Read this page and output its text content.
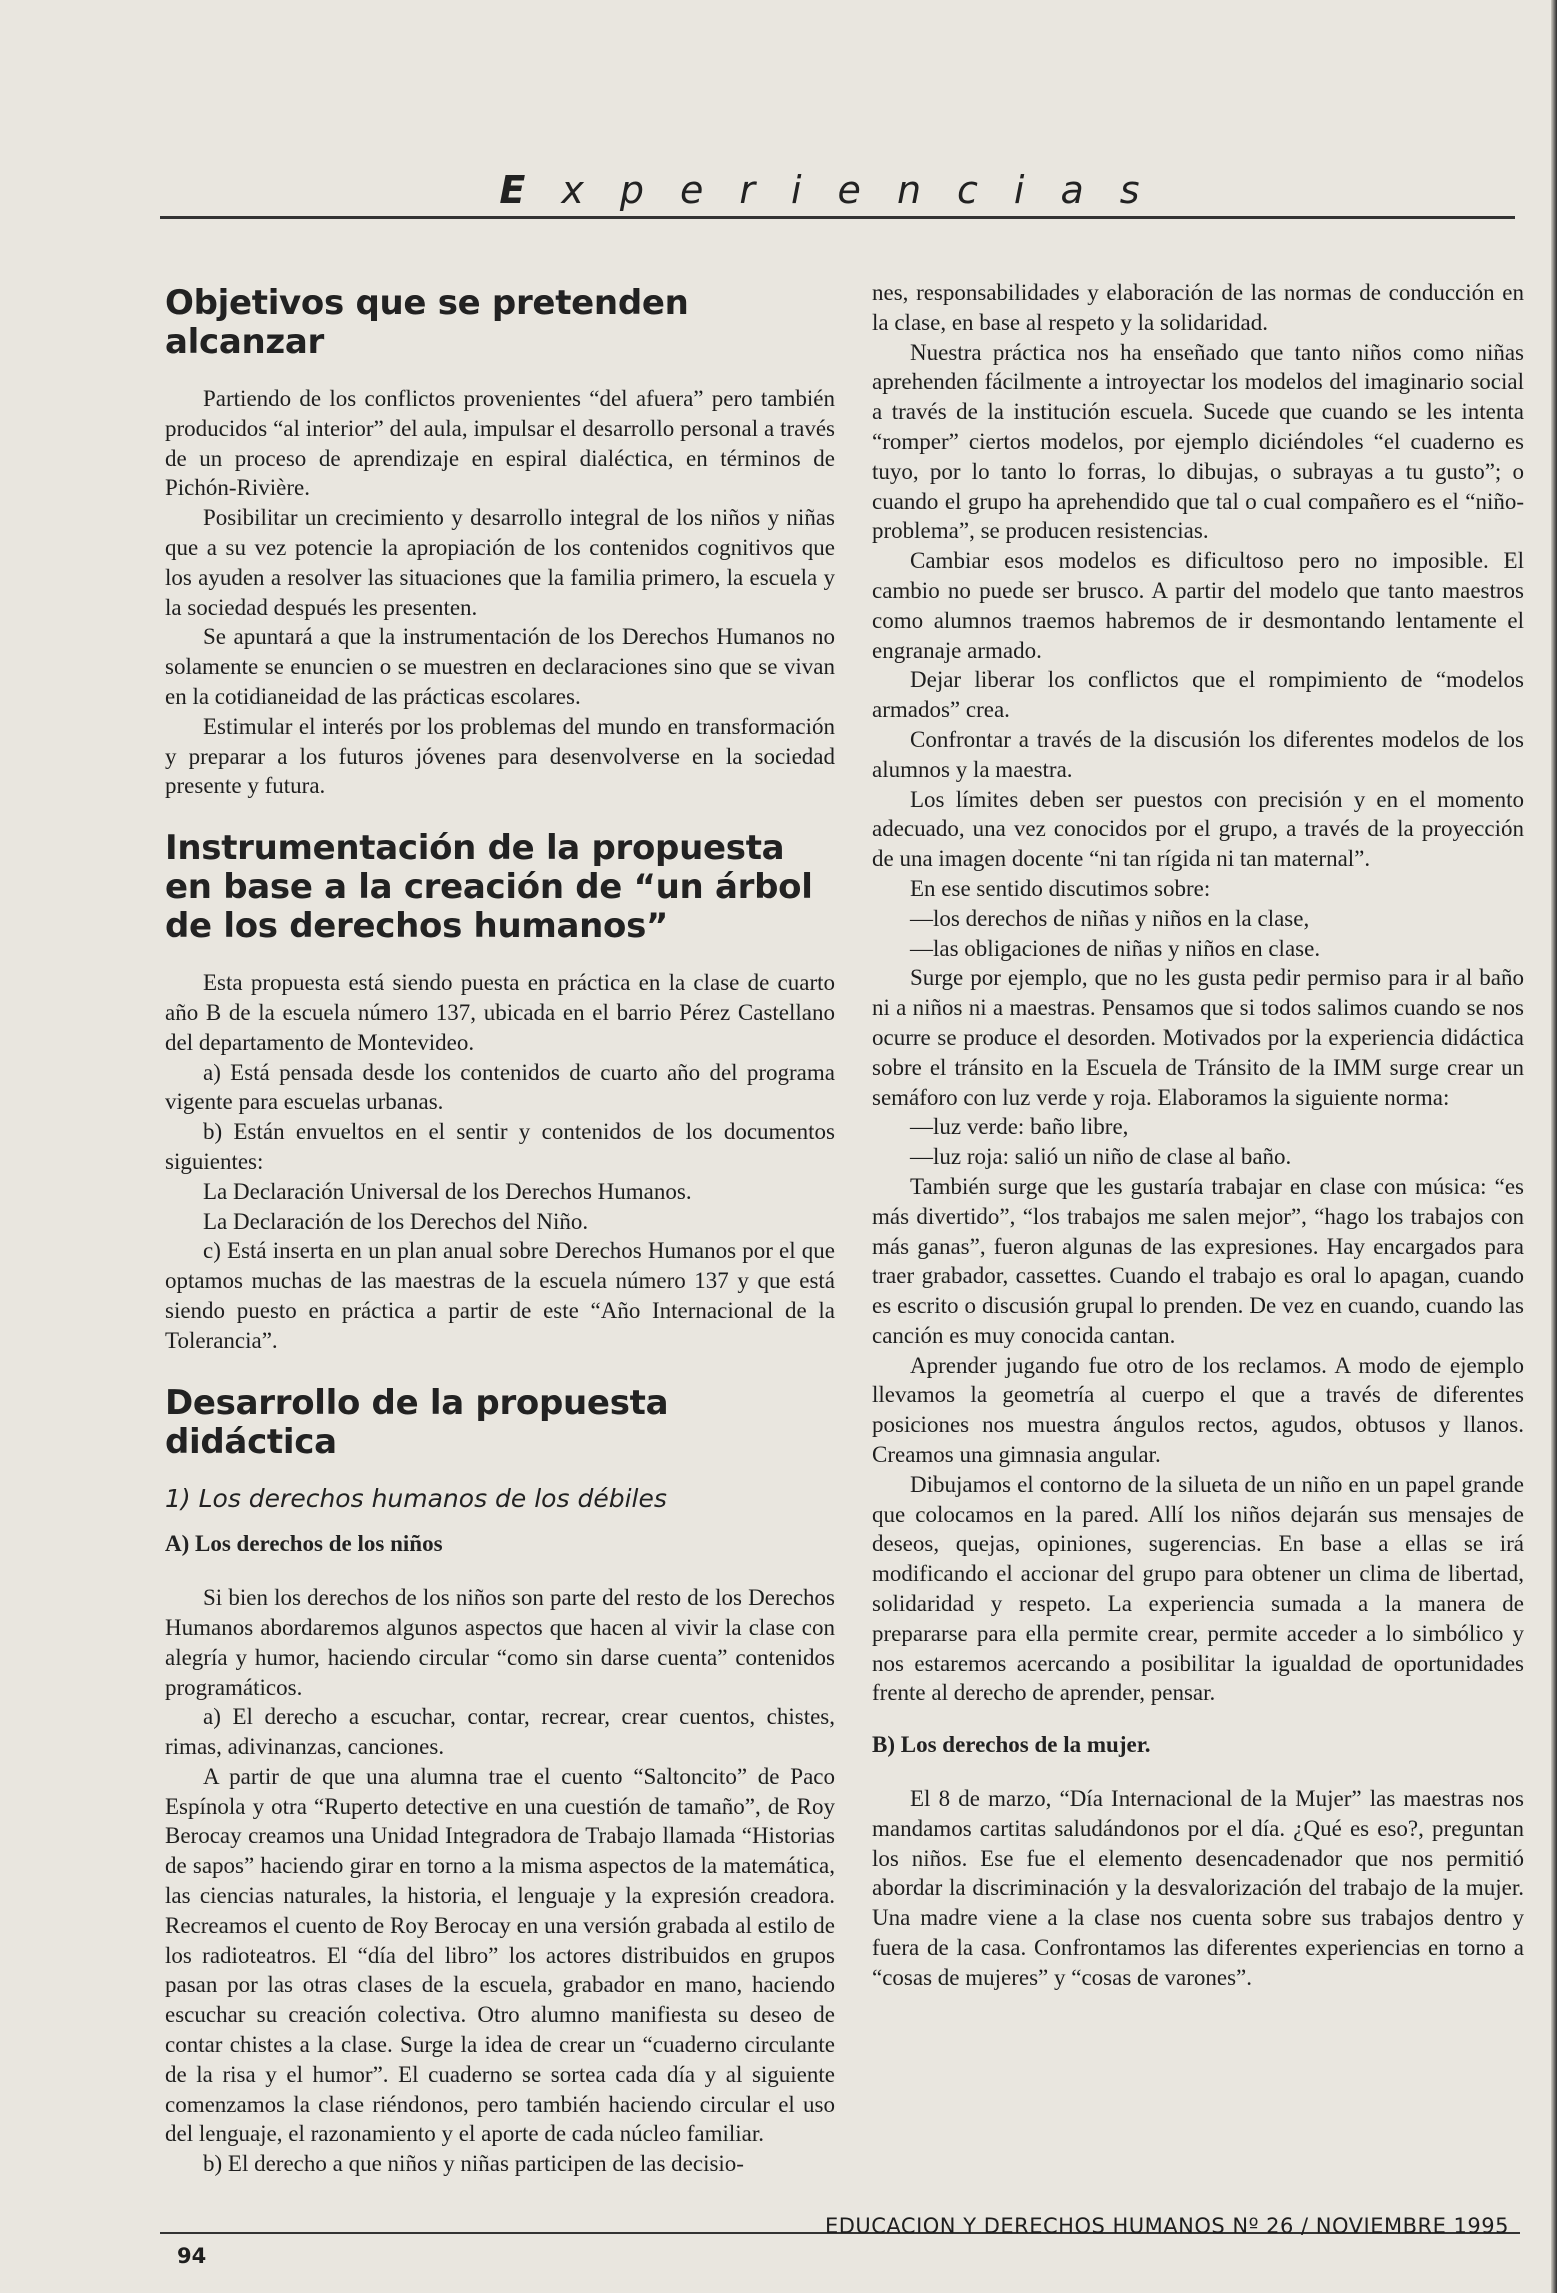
Experiencias
Objetivos que se pretenden alcanzar

Partiendo de los conflictos provenientes “del afuera” pero también producidos “al interior” del aula, impulsar el desarrollo personal a través de un proceso de aprendizaje en espiral dialéctica, en términos de Pichón-Rivière.

Posibilitar un crecimiento y desarrollo integral de los niños y niñas que a su vez potencie la apropiación de los contenidos cognitivos que los ayuden a resolver las situaciones que la familia primero, la escuela y la sociedad después les presenten.

Se apuntará a que la instrumentación de los Derechos Humanos no solamente se enuncien o se muestren en declaraciones sino que se vivan en la cotidianeidad de las prácticas escolares.

Estimular el interés por los problemas del mundo en transformación y preparar a los futuros jóvenes para desenvolverse en la sociedad presente y futura.

Instrumentación de la propuesta en base a la creación de “un árbol de los derechos humanos”

Esta propuesta está siendo puesta en práctica en la clase de cuarto año B de la escuela número 137, ubicada en el barrio Pérez Castellano del departamento de Montevideo.

a) Está pensada desde los contenidos de cuarto año del programa vigente para escuelas urbanas.

b) Están envueltos en el sentir y contenidos de los documentos siguientes:

La Declaración Universal de los Derechos Humanos.

La Declaración de los Derechos del Niño.

c) Está inserta en un plan anual sobre Derechos Humanos por el que optamos muchas de las maestras de la escuela número 137 y que está siendo puesto en práctica a partir de este “Año Internacional de la Tolerancia”.

Desarrollo de la propuesta didáctica
1) Los derechos humanos de los débiles
A) Los derechos de los niños

Si bien los derechos de los niños son parte del resto de los Derechos Humanos abordaremos algunos aspectos que hacen al vivir la clase con alegría y humor, haciendo circular “como sin darse cuenta” contenidos programáticos.

a) El derecho a escuchar, contar, recrear, crear cuentos, chistes, rimas, adivinanzas, canciones.

A partir de que una alumna trae el cuento “Saltoncito” de Paco Espínola y otra “Ruperto detective en una cuestión de tamaño”, de Roy Berocay creamos una Unidad Integradora de Trabajo llamada “Historias de sapos” haciendo girar en torno a la misma aspectos de la matemática, las ciencias naturales, la historia, el lenguaje y la expresión creadora. Recreamos el cuento de Roy Berocay en una versión grabada al estilo de los radioteatros. El “día del libro” los actores distribuidos en grupos pasan por las otras clases de la escuela, grabador en mano, haciendo escuchar su creación colectiva. Otro alumno manifiesta su deseo de contar chistes a la clase. Surge la idea de crear un “cuaderno circulante de la risa y el humor”. El cuaderno se sortea cada día y al siguiente comenzamos la clase riéndonos, pero también haciendo circular el uso del lenguaje, el razonamiento y el aporte de cada núcleo familiar.

b) El derecho a que niños y niñas participen de las decisio-

nes, responsabilidades y elaboración de las normas de conducción en la clase, en base al respeto y la solidaridad.

Nuestra práctica nos ha enseñado que tanto niños como niñas aprehenden fácilmente a introyectar los modelos del imaginario social a través de la institución escuela. Sucede que cuando se les intenta “romper” ciertos modelos, por ejemplo diciéndoles “el cuaderno es tuyo, por lo tanto lo forras, lo dibujas, o subrayas a tu gusto”; o cuando el grupo ha aprehendido que tal o cual compañero es el “niño-problema”, se producen resistencias.

Cambiar esos modelos es dificultoso pero no imposible. El cambio no puede ser brusco. A partir del modelo que tanto maestros como alumnos traemos habremos de ir desmontando lentamente el engranaje armado.

Dejar liberar los conflictos que el rompimiento de “modelos armados” crea.

Confrontar a través de la discusión los diferentes modelos de los alumnos y la maestra.

Los límites deben ser puestos con precisión y en el momento adecuado, una vez conocidos por el grupo, a través de la proyección de una imagen docente “ni tan rígida ni tan maternal”.

En ese sentido discutimos sobre:

—los derechos de niñas y niños en la clase,

—las obligaciones de niñas y niños en clase.

Surge por ejemplo, que no les gusta pedir permiso para ir al baño ni a niños ni a maestras. Pensamos que si todos salimos cuando se nos ocurre se produce el desorden. Motivados por la experiencia didáctica sobre el tránsito en la Escuela de Tránsito de la IMM surge crear un semáforo con luz verde y roja. Elaboramos la siguiente norma:

—luz verde: baño libre,

—luz roja: salió un niño de clase al baño.

También surge que les gustaría trabajar en clase con música: “es más divertido”, “los trabajos me salen mejor”, “hago los trabajos con más ganas”, fueron algunas de las expresiones. Hay encargados para traer grabador, cassettes. Cuando el trabajo es oral lo apagan, cuando es escrito o discusión grupal lo prenden. De vez en cuando, cuando las canción es muy conocida cantan.

Aprender jugando fue otro de los reclamos. A modo de ejemplo llevamos la geometría al cuerpo el que a través de diferentes posiciones nos muestra ángulos rectos, agudos, obtusos y llanos. Creamos una gimnasia angular.

Dibujamos el contorno de la silueta de un niño en un papel grande que colocamos en la pared. Allí los niños dejarán sus mensajes de deseos, quejas, opiniones, sugerencias. En base a ellas se irá modificando el accionar del grupo para obtener un clima de libertad, solidaridad y respeto. La experiencia sumada a la manera de prepararse para ella permite crear, permite acceder a lo simbólico y nos estaremos acercando a posibilitar la igualdad de oportunidades frente al derecho de aprender, pensar.

B) Los derechos de la mujer.

El 8 de marzo, “Día Internacional de la Mujer” las maestras nos mandamos cartitas saludándonos por el día. ¿Qué es eso?, preguntan los niños. Ese fue el elemento desencadenador que nos permitió abordar la discriminación y la desvalorización del trabajo de la mujer. Una madre viene a la clase nos cuenta sobre sus trabajos dentro y fuera de la casa. Confrontamos las diferentes experiencias en torno a “cosas de mujeres” y “cosas de varones”.

94
EDUCACION Y DERECHOS HUMANOS Nº 26 / NOVIEMBRE 1995
